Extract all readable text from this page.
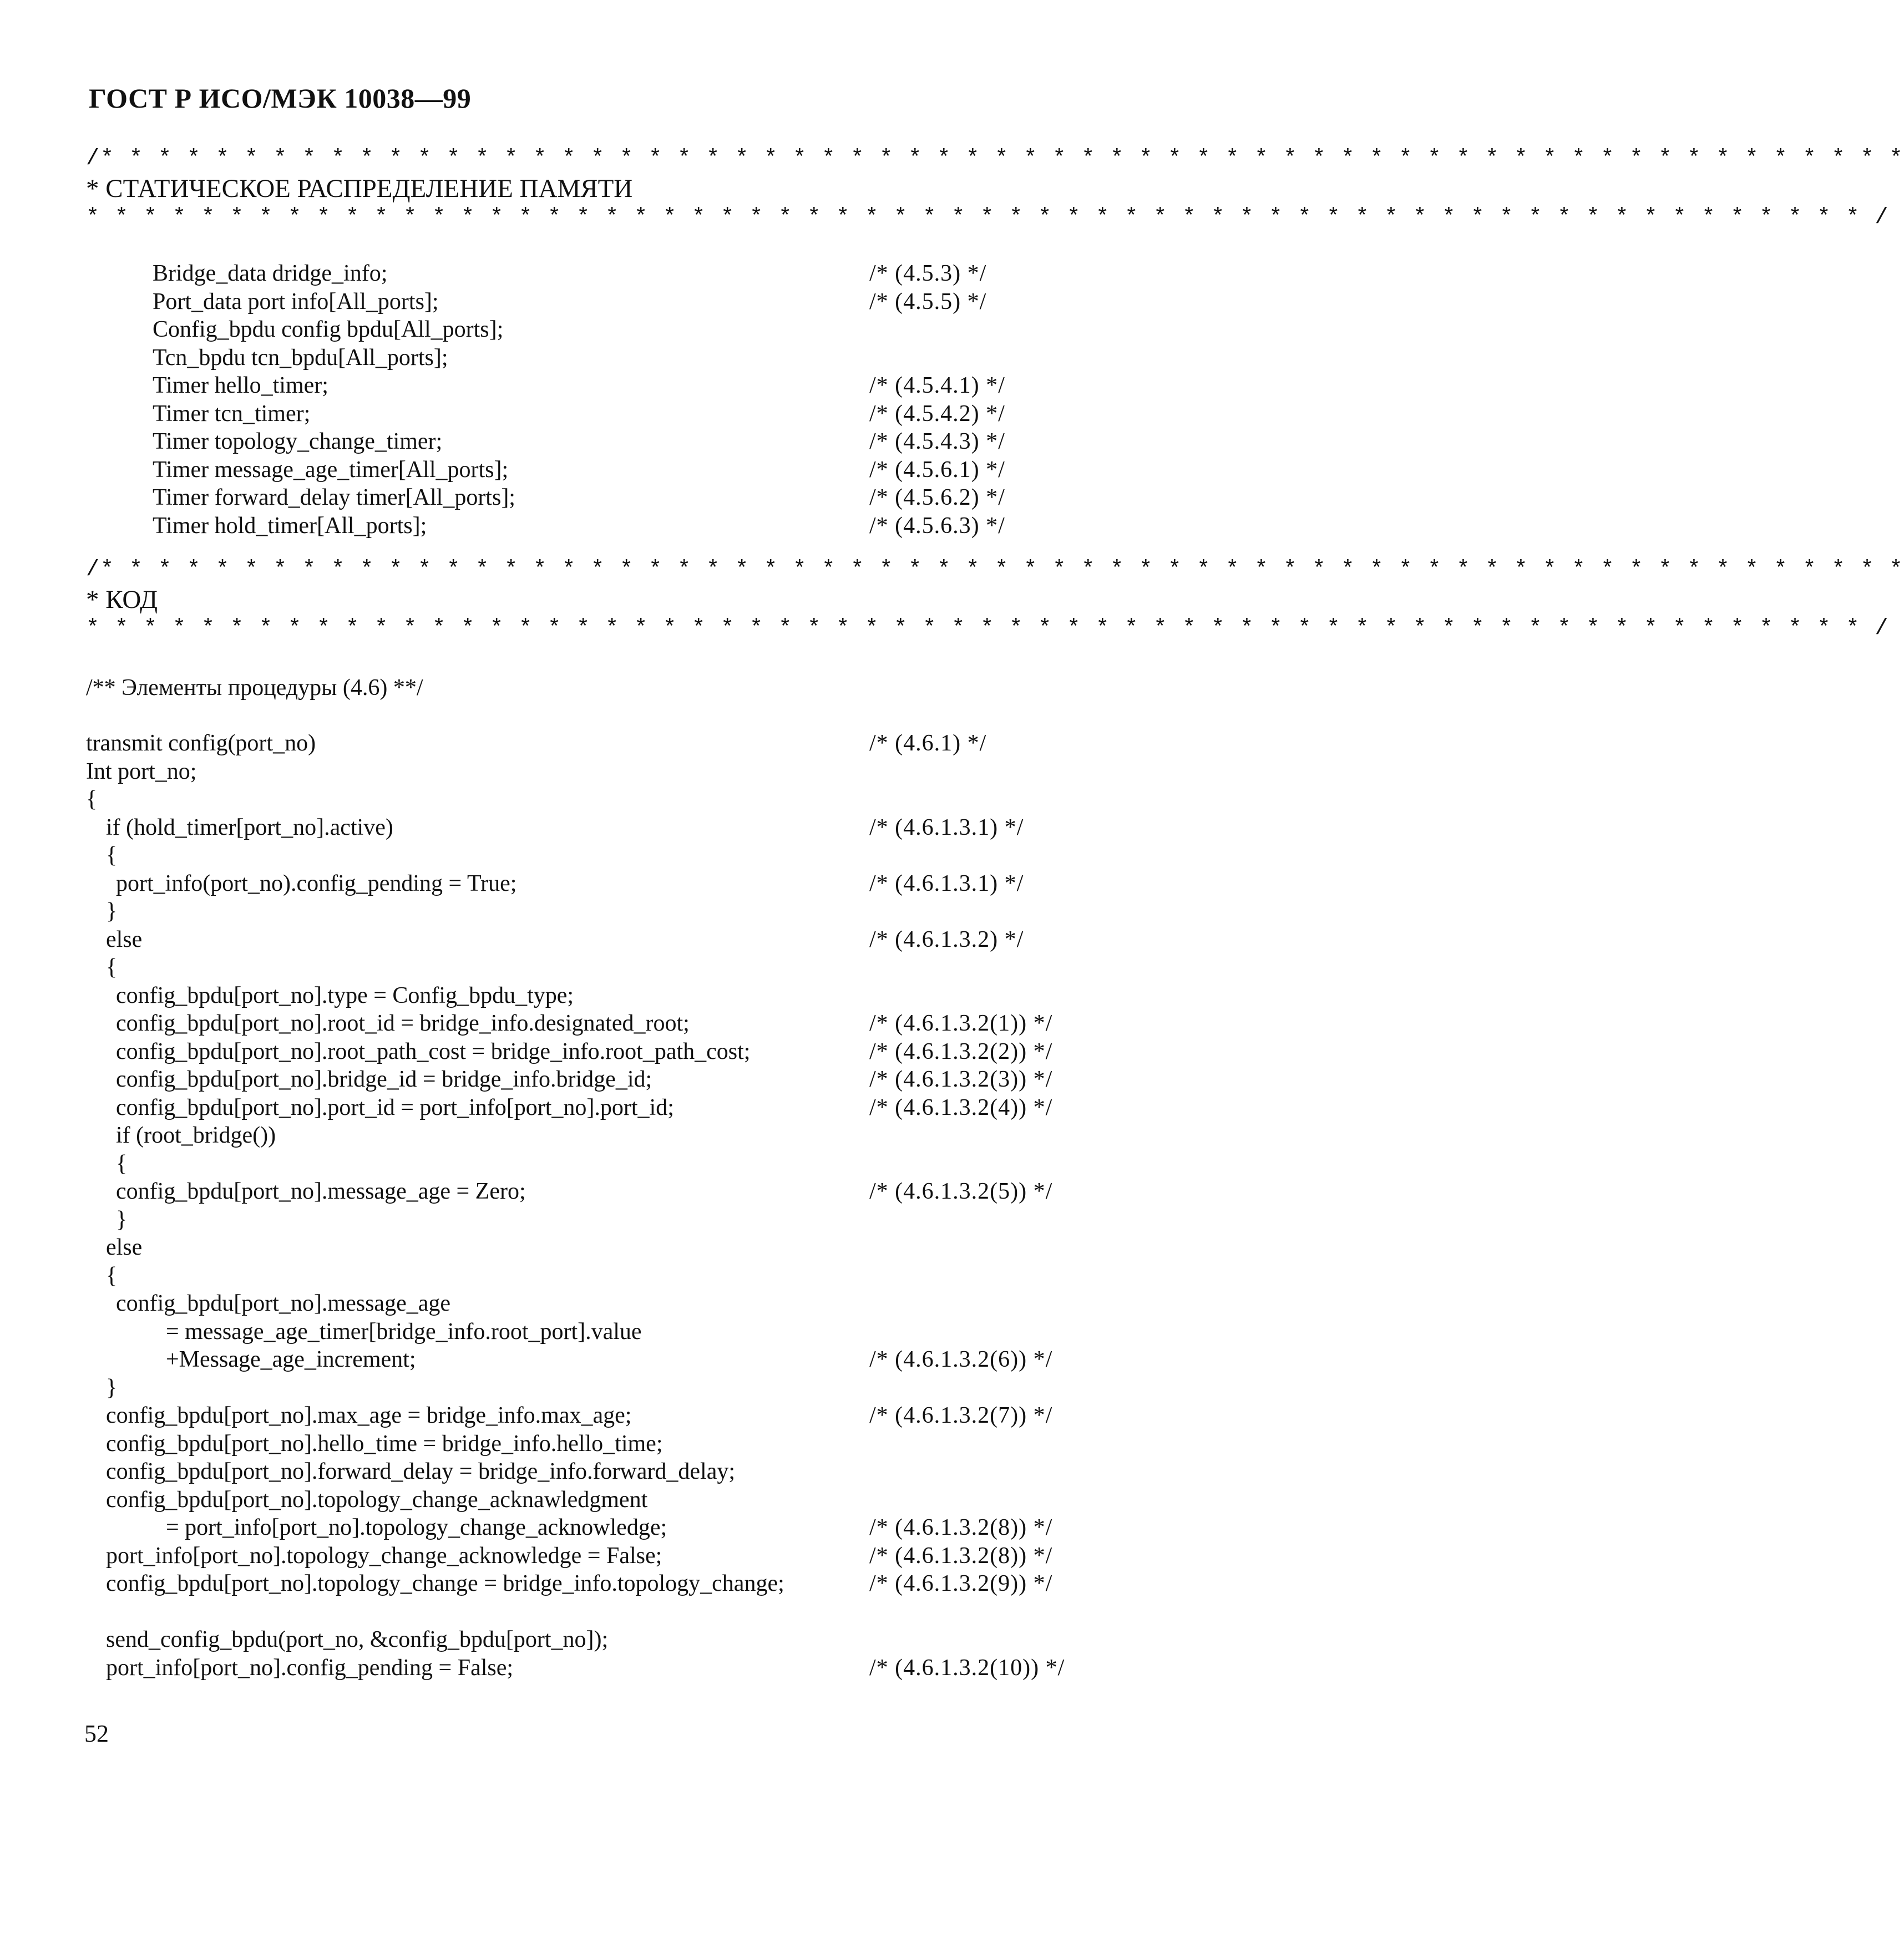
ГОСТ Р ИСО/МЭК 10038—99
/* * * * * * * * * * * * * * * * * * * * * * * * * * * * * * * * * * * * * * * * * * * * * * * * * * * * * * * * * * * * * * *
* СТАТИЧЕСКОЕ РАСПРЕДЕЛЕНИЕ ПАМЯТИ
* * * * * * * * * * * * * * * * * * * * * * * * * * * * * * * * * * * * * * * * * * * * * * * * * * * * * * * * * * * * * * /
Bridge_data dridge_info;	/* (4.5.3) */
Port_data port info[All_ports];	/* (4.5.5) */
Config_bpdu config bpdu[All_ports];
Tcn_bpdu tcn_bpdu[All_ports];
Timer hello_timer;	/* (4.5.4.1) */
Timer tcn_timer;	/* (4.5.4.2) */
Timer topology_change_timer;	/* (4.5.4.3) */
Timer message_age_timer[All_ports];	/* (4.5.6.1) */
Timer forward_delay timer[All_ports];	/* (4.5.6.2) */
Timer hold_timer[All_ports];	/* (4.5.6.3) */
/* * * * * * * * * * * * * * * * * * * * * * * * * * * * * * * * * * * * * * * * * * * * * * * * * * * * * * * * * * * * * * *
* КОД
* * * * * * * * * * * * * * * * * * * * * * * * * * * * * * * * * * * * * * * * * * * * * * * * * * * * * * * * * * * * * * /
/** Элементы процедуры (4.6) **/
transmit config(port_no)	/* (4.6.1) */
Int port_no;
{
if (hold_timer[port_no].active)	/* (4.6.1.3.1) */
{
port_info(port_no).config_pending = True;	/* (4.6.1.3.1) */
}
else	/* (4.6.1.3.2) */
{
config_bpdu[port_no].type = Config_bpdu_type;
config_bpdu[port_no].root_id = bridge_info.designated_root;	/* (4.6.1.3.2(1)) */
config_bpdu[port_no].root_path_cost = bridge_info.root_path_cost;	/* (4.6.1.3.2(2)) */
config_bpdu[port_no].bridge_id = bridge_info.bridge_id;	/* (4.6.1.3.2(3)) */
config_bpdu[port_no].port_id = port_info[port_no].port_id;	/* (4.6.1.3.2(4)) */
if (root_bridge())
{
config_bpdu[port_no].message_age = Zero;	/* (4.6.1.3.2(5)) */
}
else
{
config_bpdu[port_no].message_age
= message_age_timer[bridge_info.root_port].value
+Message_age_increment;	/* (4.6.1.3.2(6)) */
}
config_bpdu[port_no].max_age = bridge_info.max_age;	/* (4.6.1.3.2(7)) */
config_bpdu[port_no].hello_time = bridge_info.hello_time;
config_bpdu[port_no].forward_delay = bridge_info.forward_delay;
config_bpdu[port_no].topology_change_acknawledgment
= port_info[port_no].topology_change_acknowledge;	/* (4.6.1.3.2(8)) */
port_info[port_no].topology_change_acknowledge = False;	/* (4.6.1.3.2(8)) */
config_bpdu[port_no].topology_change = bridge_info.topology_change;	/* (4.6.1.3.2(9)) */
send_config_bpdu(port_no, &config_bpdu[port_no]);
port_info[port_no].config_pending = False;	/* (4.6.1.3.2(10)) */
52
